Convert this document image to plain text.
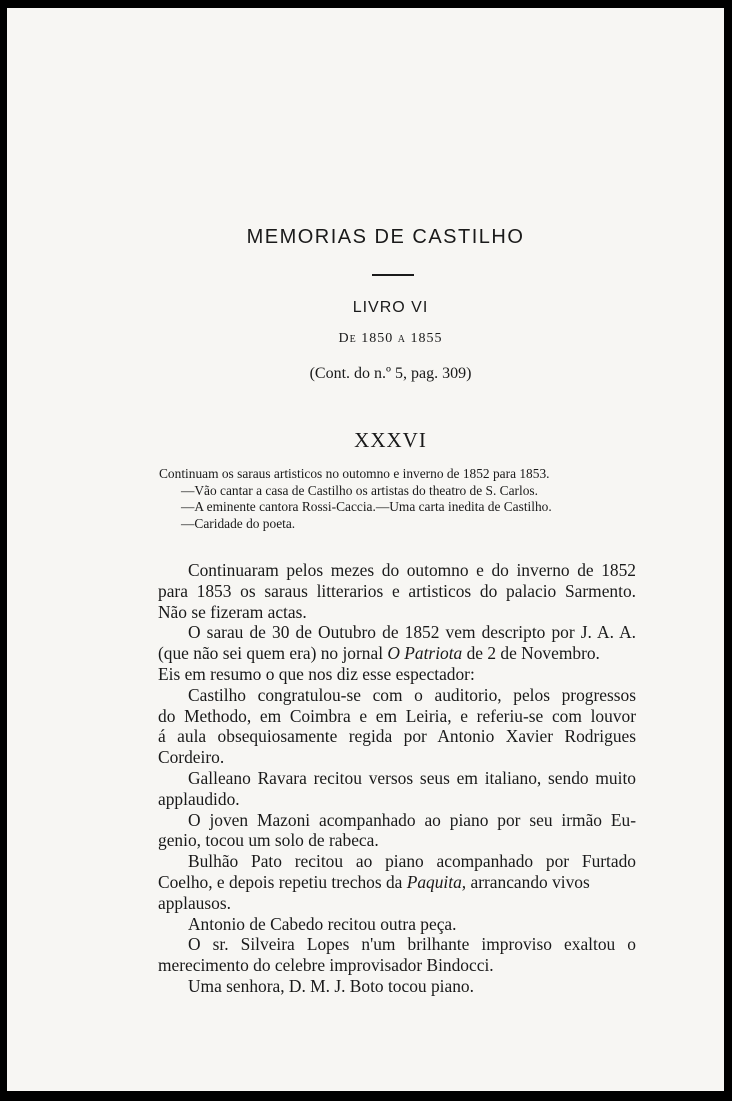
MEMORIAS DE CASTILHO
LIVRO VI
De 1850 a 1855
(Cont. do n.º 5, pag. 309)
XXXVI
Continuam os saraus artisticos no outomno e inverno de 1852 para 1853.
—Vão cantar a casa de Castilho os artistas do theatro de S. Carlos.
—A eminente cantora Rossi-Caccia.—Uma carta inedita de Castilho.
—Caridade do poeta.
Continuaram pelos mezes do outomno e do inverno de 1852
para 1853 os saraus litterarios e artisticos do palacio Sarmento.
Não se fizeram actas.
O sarau de 30 de Outubro de 1852 vem descripto por J. A. A.
(que não sei quem era) no jornal O Patriota de 2 de Novembro.
Eis em resumo o que nos diz esse espectador:
Castilho congratulou-se com o auditorio, pelos progressos
do Methodo, em Coimbra e em Leiria, e referiu-se com louvor
á aula obsequiosamente regida por Antonio Xavier Rodrigues
Cordeiro.
Galleano Ravara recitou versos seus em italiano, sendo muito
applaudido.
O joven Mazoni acompanhado ao piano por seu irmão Eu-
genio, tocou um solo de rabeca.
Bulhão Pato recitou ao piano acompanhado por Furtado
Coelho, e depois repetiu trechos da Paquita, arrancando vivos
applausos.
Antonio de Cabedo recitou outra peça.
O sr. Silveira Lopes n'um brilhante improviso exaltou o
merecimento do celebre improvisador Bindocci.
Uma senhora, D. M. J. Boto tocou piano.
